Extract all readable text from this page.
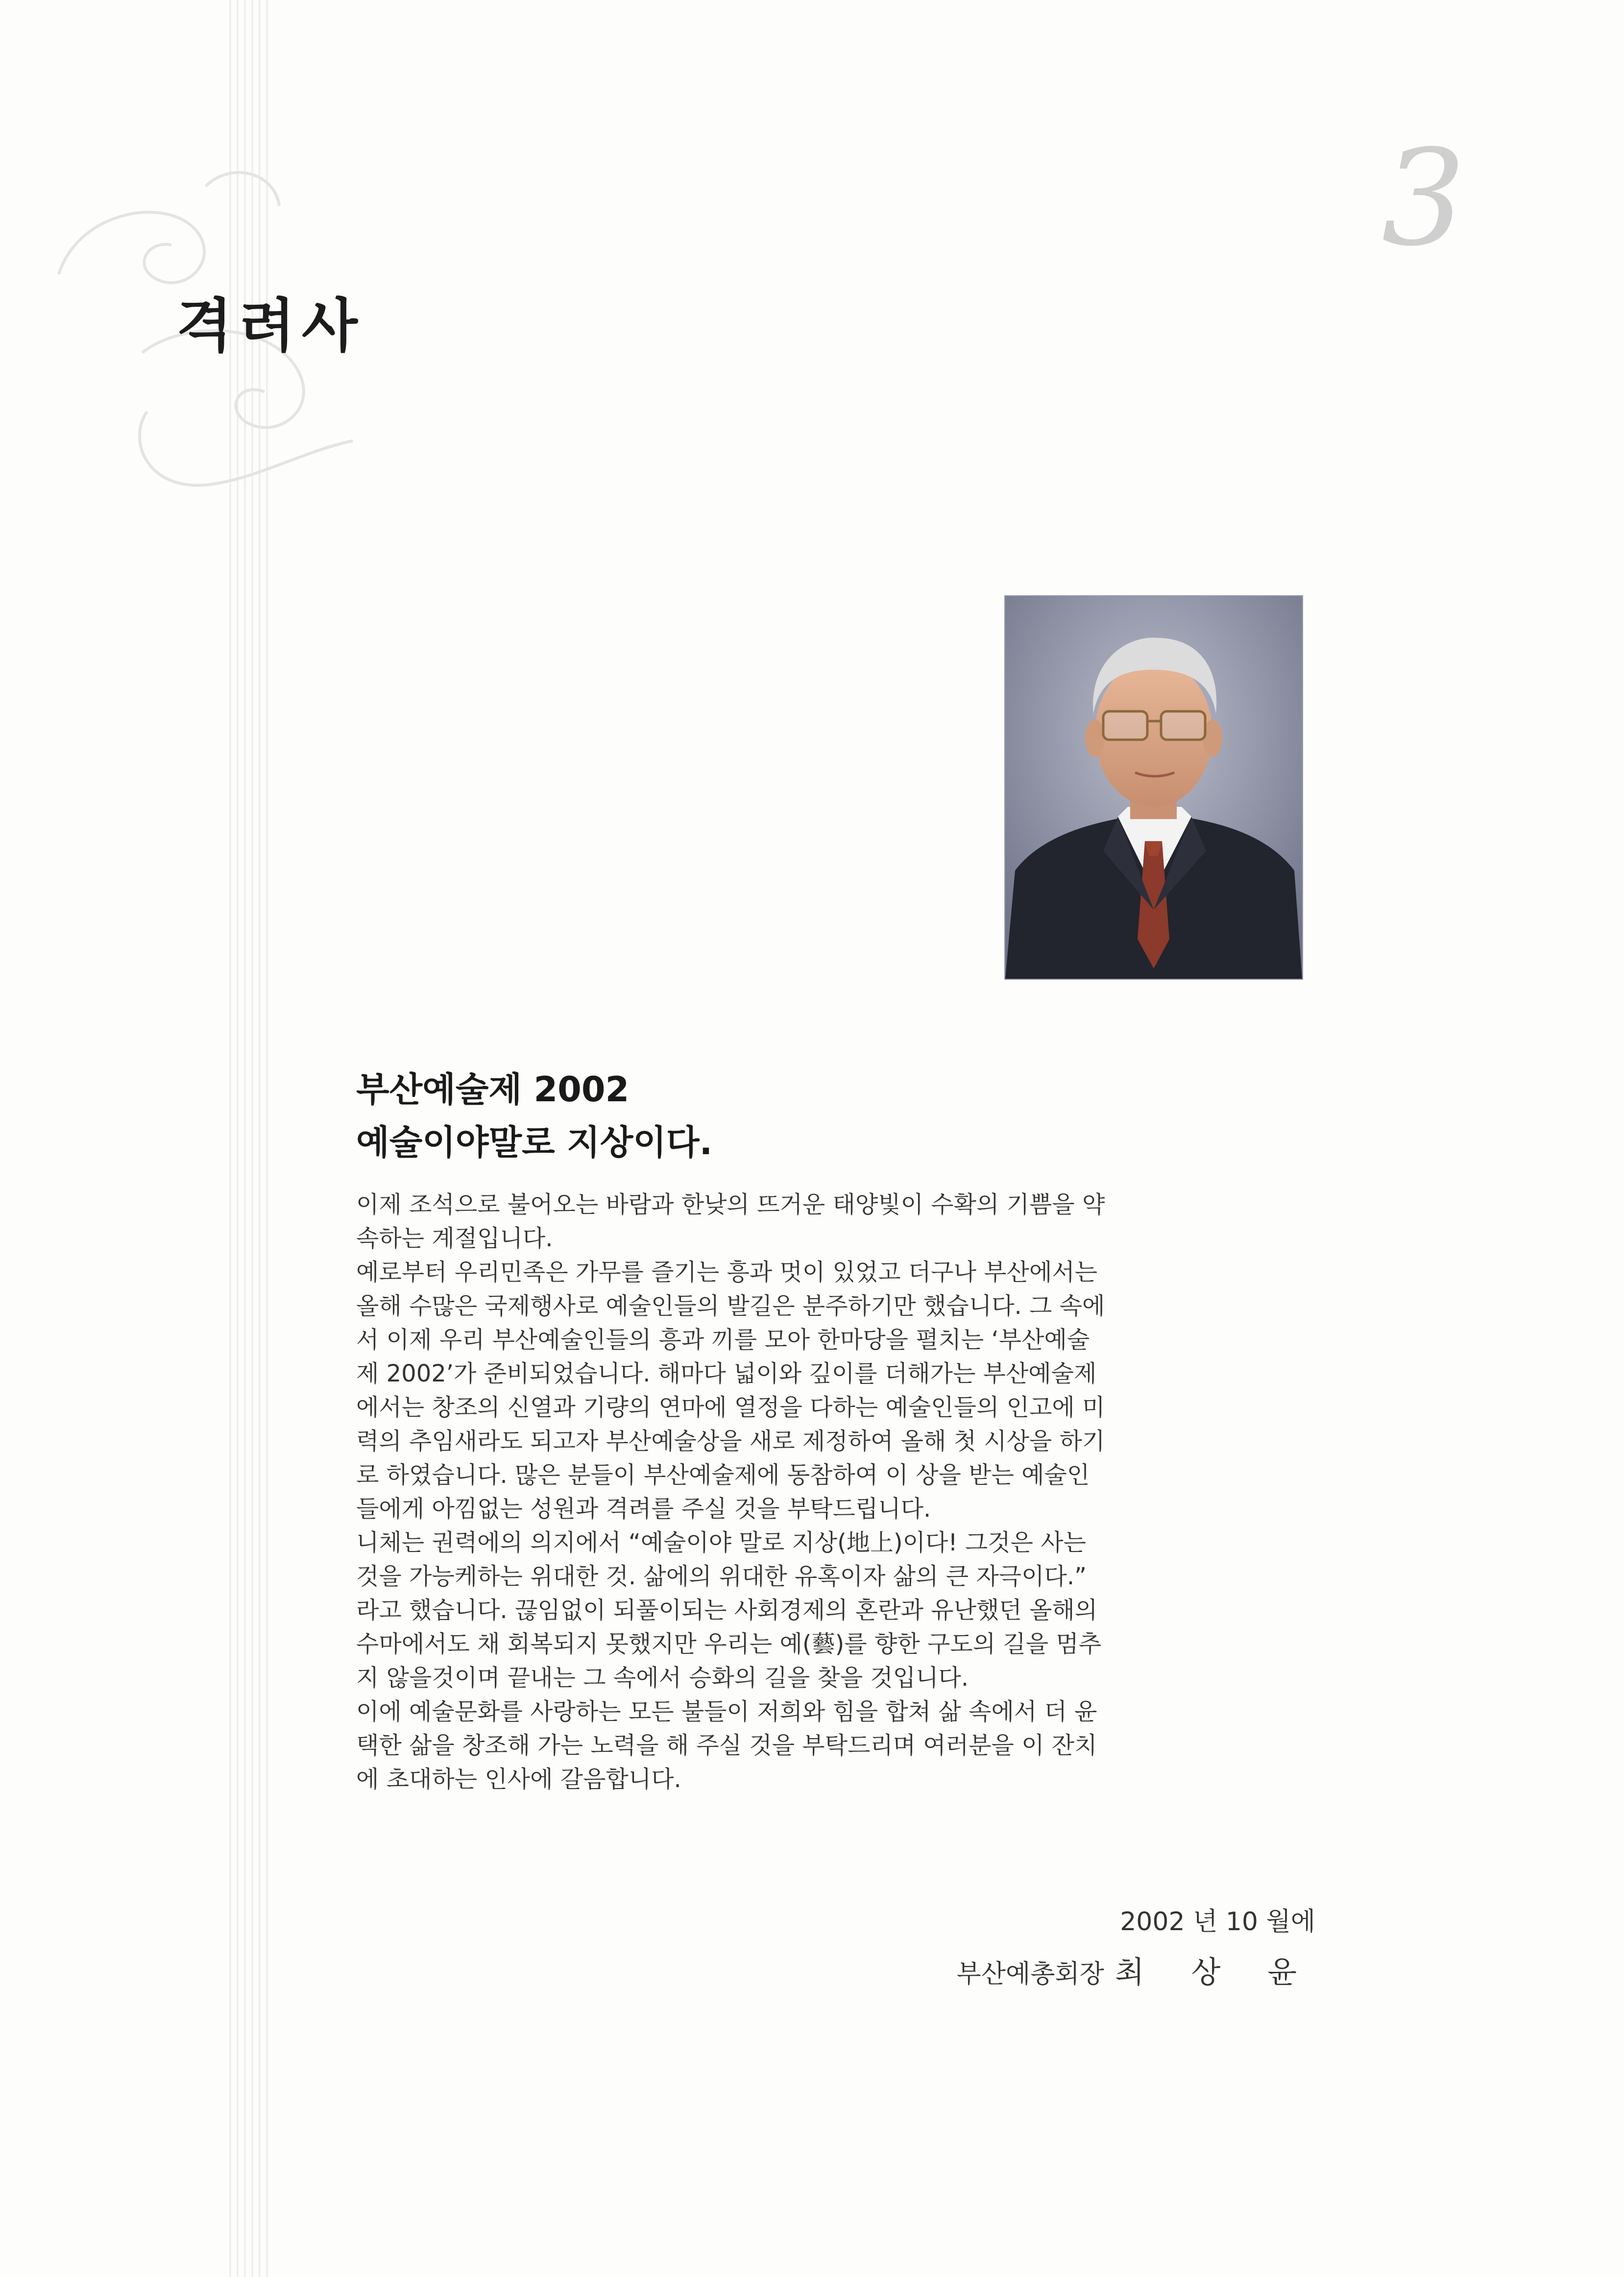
3
격려사
부산예술제 2002
예술이야말로 지상이다.
이제 조석으로 불어오는 바람과 한낮의 뜨거운 태양빛이 수확의 기쁨을 약
속하는 계절입니다.
예로부터 우리민족은 가무를 즐기는 흥과 멋이 있었고 더구나 부산에서는
올해 수많은 국제행사로 예술인들의 발길은 분주하기만 했습니다. 그 속에
서 이제 우리 부산예술인들의 흥과 끼를 모아 한마당을 펼치는 ‘부산예술
제 2002’가 준비되었습니다. 해마다 넓이와 깊이를 더해가는 부산예술제
에서는 창조의 신열과 기량의 연마에 열정을 다하는 예술인들의 인고에 미
력의 추임새라도 되고자 부산예술상을 새로 제정하여 올해 첫 시상을 하기
로 하였습니다. 많은 분들이 부산예술제에 동참하여 이 상을 받는 예술인
들에게 아낌없는 성원과 격려를 주실 것을 부탁드립니다.
니체는 권력에의 의지에서 “예술이야 말로 지상(地上)이다! 그것은 사는
것을 가능케하는 위대한 것. 삶에의 위대한 유혹이자 삶의 큰 자극이다.”
라고 했습니다. 끊임없이 되풀이되는 사회경제의 혼란과 유난했던 올해의
수마에서도 채 회복되지 못했지만 우리는 예(藝)를 향한 구도의 길을 멈추
지 않을것이며 끝내는 그 속에서 승화의 길을 찾을 것입니다.
이에 예술문화를 사랑하는 모든 불들이 저희와 힘을 합쳐 삶 속에서 더 윤
택한 삶을 창조해 가는 노력을 해 주실 것을 부탁드리며 여러분을 이 잔치
에 초대하는 인사에 갈음합니다.
2002 년 10 월에
부산예총회장 최 상 윤
